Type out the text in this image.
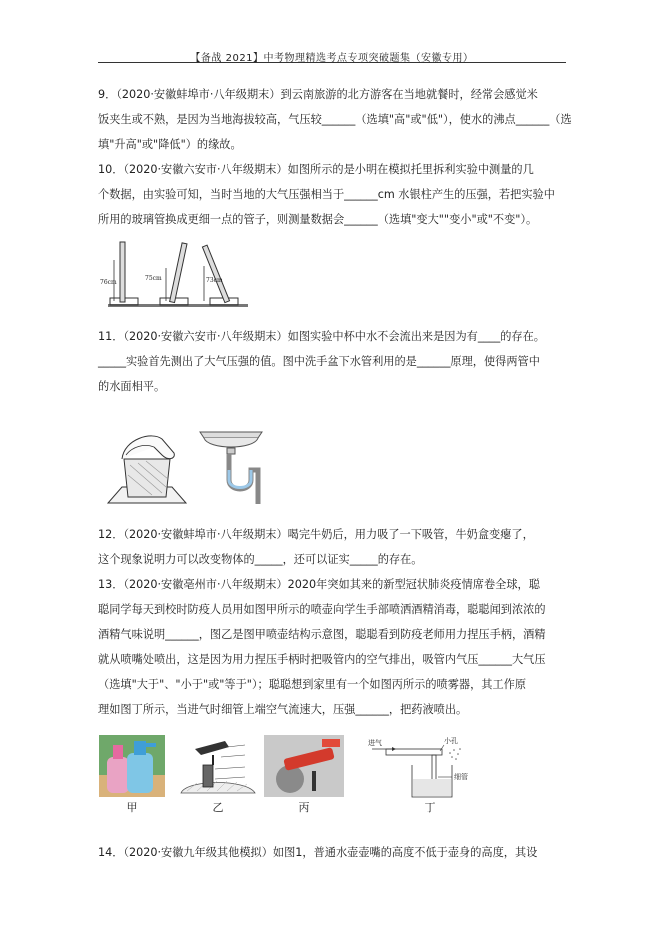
【备战 2021】中考物理精选考点专项突破题集（安徽专用）
9．（2020·安徽蚌埠市·八年级期末）到云南旅游的北方游客在当地就餐时，经常会感觉米
饭夹生或不熟，是因为当地海拔较高，气压较______（选填"高"或"低"），使水的沸点______（选
填"升高"或"降低"）的缘故。
10．（2020·安徽六安市·八年级期末）如图所示的是小明在模拟托里拆利实验中测量的几
个数据，由实验可知，当时当地的大气压强相当于______cm 水银柱产生的压强，若把实验中
所用的玻璃管换成更细一点的管子，则测量数据会______（选填"变大""变小"或"不变"）。
76cm
75cm	73cm
11．（2020·安徽六安市·八年级期末）如图实验中杯中水不会流出来是因为有____的存在。
_____实验首先测出了大气压强的值。图中洗手盆下水管利用的是______原理，使得两管中
的水面相平。
12．（2020·安徽蚌埠市·八年级期末）喝完牛奶后，用力吸了一下吸管，牛奶盒变瘪了，
这个现象说明力可以改变物体的_____，还可以证实_____的存在。
13．（2020·安徽亳州市·八年级期末）2020年突如其来的新型冠状肺炎疫情席卷全球，聪
聪同学每天到校时防疫人员用如图甲所示的喷壶向学生手部喷洒酒精消毒，聪聪闻到浓浓的
酒精气味说明______，图乙是图甲喷壶结构示意图，聪聪看到防疫老师用力捏压手柄，酒精
就从喷嘴处喷出，这是因为用力捏压手柄时把吸管内的空气排出，吸管内气压______大气压
（选填"大于"、"小于"或"等于"）；聪聪想到家里有一个如图丙所示的喷雾器，其工作原
理如图丁所示，当进气时细管上端空气流速大，压强______，把药液喷出。
甲	乙	丙
进气	小孔
细管
丁
14．（2020·安徽九年级其他模拟）如图1，普通水壶壶嘴的高度不低于壶身的高度，其设
